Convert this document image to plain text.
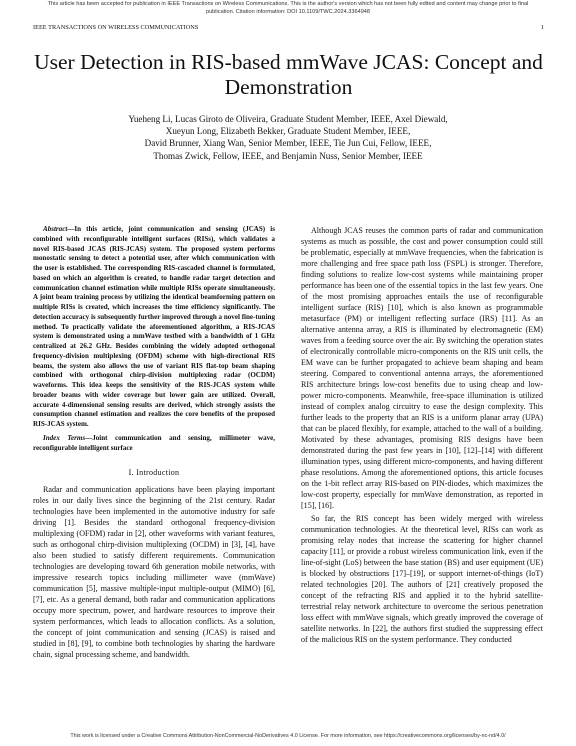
This article has been accepted for publication in IEEE Transactions on Wireless Communications. This is the author's version which has not been fully edited and content may change prior to final publication. Citation information: DOI 10.1109/TWC.2024.3364948
IEEE TRANSACTIONS ON WIRELESS COMMUNICATIONS	1
User Detection in RIS-based mmWave JCAS: Concept and Demonstration
Yueheng Li, Lucas Giroto de Oliveira, Graduate Student Member, IEEE, Axel Diewald,
Xueyun Long, Elizabeth Bekker, Graduate Student Member, IEEE,
David Brunner, Xiang Wan, Senior Member, IEEE, Tie Jun Cui, Fellow, IEEE,
Thomas Zwick, Fellow, IEEE, and Benjamin Nuss, Senior Member, IEEE

Abstract—In this article, joint communication and sensing (JCAS) is combined with reconfigurable intelligent surfaces (RISs), which validates a novel RIS-based JCAS (RIS-JCAS) system. The proposed system performs monostatic sensing to detect a potential user, after which communication with the user is established. The corresponding RIS-cascaded channel is formulated, based on which an algorithm is created, to handle radar target detection and communication channel estimation while multiple RISs operate simultaneously. A joint beam training process by utilizing the identical beamforming pattern on multiple RISs is created, which increases the time efficiency significantly. The detection accuracy is subsequently further improved through a novel fine-tuning method. To practically validate the aforementioned algorithm, a RIS-JCAS system is demonstrated using a mmWave testbed with a bandwidth of 1 GHz centralized at 26.2 GHz. Besides combining the widely adopted orthogonal frequency-division multiplexing (OFDM) scheme with high-directional RIS beams, the system also allows the use of variant RIS flat-top beam shaping combined with orthogonal chirp-division multiplexing radar (OCDM) waveforms. This idea keeps the sensitivity of the RIS-JCAS system while broader beams with wider coverage but lower gain are utilized. Overall, accurate 4-dimensional sensing results are derived, which strongly assists the consumption channel estimation and realizes the core benefits of the proposed RIS-JCAS system.

Index Terms—Joint communication and sensing, millimeter wave, reconfigurable intelligent surface

I. Introduction

Radar and communication applications have been playing important roles in our daily lives since the beginning of the 21st century. Radar technologies have been implemented in the automotive industry for safe driving [1]. Besides the standard orthogonal frequency-division multiplexing (OFDM) radar in [2], other waveforms with variant features, such as orthogonal chirp-division multiplexing (OCDM) in [3], [4], have also been studied to satisfy different requirements. Communication technologies are developing toward 6th generation mobile networks, with impressive research topics including millimeter wave (mmWave) communication [5], massive multiple-input multiple-output (MIMO) [6], [7], etc. As a general demand, both radar and communication applications occupy more spectrum, power, and hardware resources to improve their system performances, which leads to allocation conflicts. As a solution, the concept of joint communication and sensing (JCAS) is raised and studied in [8], [9], to combine both technologies by sharing the hardware chain, signal processing scheme, and bandwidth.

Although JCAS reuses the common parts of radar and communication systems as much as possible, the cost and power consumption could still be problematic, especially at mmWave frequencies, when the fabrication is more challenging and free space path loss (FSPL) is stronger. Therefore, finding solutions to realize low-cost systems while maintaining proper performance has been one of the essential topics in the last few years. One of the most promising approaches entails the use of reconfigurable intelligent surface (RIS) [10], which is also known as programmable metasurface (PM) or intelligent reflecting surface (IRS) [11]. As an alternative antenna array, a RIS is illuminated by electromagnetic (EM) waves from a feeding source over the air. By switching the operation states of electronically controllable micro-components on the RIS unit cells, the EM wave can be further propagated to achieve beam shaping and beam steering. Compared to conventional antenna arrays, the aforementioned RIS architecture brings low-cost benefits due to using cheap and low-power micro-components. Meanwhile, free-space illumination is utilized instead of complex analog circuitry to ease the design complexity. This further leads to the property that an RIS is a uniform planar array (UPA) that can be placed flexibly, for example, attached to the wall of a building. Motivated by these advantages, promising RIS designs have been demonstrated during the past few years in [10], [12]–[14] with different illumination types, using different micro-components, and having different phase resolutions. Among the aforementioned options, this article focuses on the 1-bit reflect array RIS-based on PIN-diodes, which maximizes the low-cost property, especially for mmWave demonstration, as reported in [15], [16].

So far, the RIS concept has been widely merged with wireless communication technologies. At the theoretical level, RISs can work as promising relay nodes that increase the scattering for higher channel capacity [11], or provide a robust wireless communication link, even if the line-of-sight (LoS) between the base station (BS) and user equipment (UE) is blocked by obstructions [17]–[19], or support internet-of-things (IoT) related technologies [20]. The authors of [21] creatively proposed the concept of the refracting RIS and applied it to the hybrid satellite-terrestrial relay network architecture to overcome the serious penetration loss effect with mmWave signals, which greatly improved the coverage of satellite networks. In [22], the authors first studied the suppressing effect of the malicious RIS on the system performance. They conducted

This work is licensed under a Creative Commons Attribution-NonCommercial-NoDerivatives 4.0 License. For more information, see https://creativecommons.org/licenses/by-nc-nd/4.0/
